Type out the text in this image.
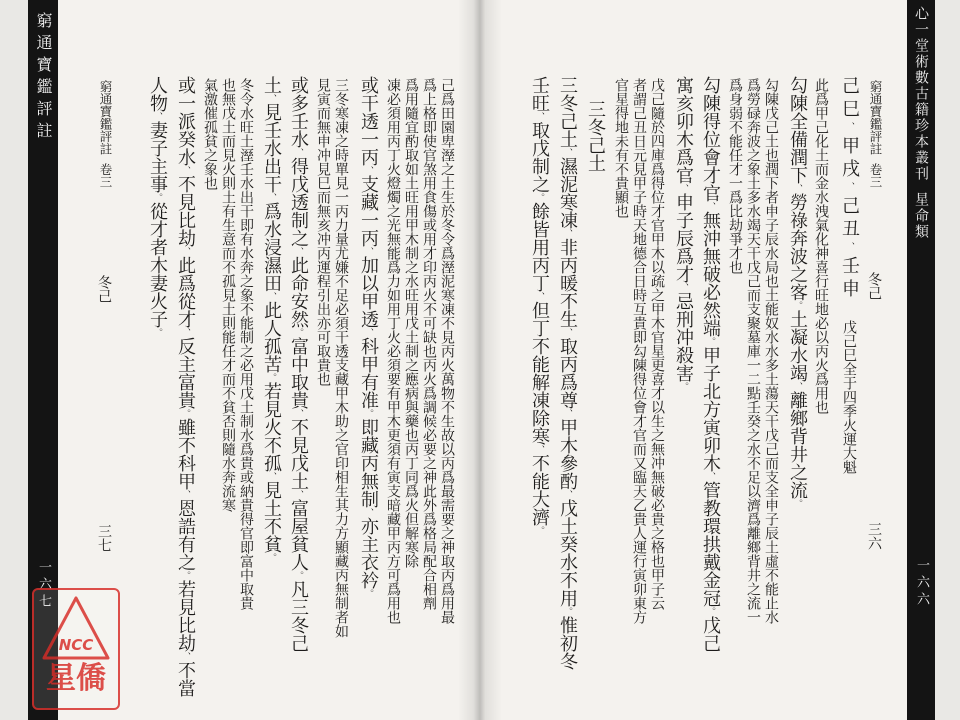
窮通寶鑑評註
一六七
心一堂術數古籍珍本叢刊
星命類
一六六
窮通寶鑑評註
卷三
冬己
三六
己巳、甲戌、己丑、壬申
戊己巳全于四季火運大魁
此爲甲己化土而金水洩氣化神喜行旺地必以丙火爲用也
勾陳全備潤下、勞祿奔波之客。土凝水竭、離鄉背井之流。
勾陳戊己土也潤下者申子辰水局也土能奴水水多土蕩天干戊己而支全申子辰土虛不能止水
爲勞碌奔波之象土多水竭天干戊己而支聚墓庫一二點壬癸之水不足以濟爲離鄉背井之流一
爲身弱不能任才一爲比劫爭才也
勾陳得位會才官、無沖無破必然端。甲子北方寅卯木、管教環拱戴金冠。戊己
寓亥卯木爲官、申子辰爲才、忌刑冲殺害。
戊己隨於四庫爲得位才官甲木以疏之甲木官星更喜才以生之無冲無破必貴之格也甲子云
者謂己丑日元見甲子時天地德合日時互貴即勾陳得位會才官而又臨天乙貴人運行寅卯東方
官星得地未有不貴顯也
三冬己土
三冬己土、濕泥寒凍、非丙暖不生、取丙爲尊、甲木參酌、戊土癸水不用。惟初冬
壬旺、取戊制之。餘皆用丙丁、但丁不能解凍除寒、不能大濟。
窮通寶鑑評註
卷三
冬己
三七	己爲田園卑溼之土生於冬令爲溼泥寒凍不見丙火萬物不生故以丙爲最需要之神取丙爲用最
爲上格即使官煞用食傷或用才印丙火不可缺也丙火爲調候必要之神此外爲格局配合相劑
爲用隨宜酌取如土旺用甲木制之水旺用戊土制之應病與藥也丙丁同爲火但解寒除
凍必須用丙丁火燈燭之光無能爲力如用丁火必須要有甲木更須有寅支暗藏甲丙方可爲用也
或干透一丙、支藏一丙、加以甲透、科甲有准。即藏丙無制、亦主衣衿。
三冬寒凍之時單見一丙力量尤嫌不足必須干透支藏甲木助之官印相生其力方顯藏丙無制者如
見寅而無申冲見巳而無亥冲丙運程引出亦可取貴也
或多壬水、得戊透制之、此命安然。富中取貴、不見戊土、富屋貧人。凡三冬己
土、見壬水出干、爲水浸濕田、此人孤苦。若見火不孤、見土不貧。
冬令水旺土溼壬水出干即有水奔之象不能制之必用戊土制水爲貴或納貴得官即富中取貴
也無戊土而見火則土有生意而不孤見土則能任才而不貧否則隨水奔流寒
氣激催孤貧之象也
或一派癸水、不見比劫、此爲從才、反主富貴。雖不科甲、恩誥有之。若見比劫、不當
人物、妻子主事。從才者木妻火子。
NCC
星僑
